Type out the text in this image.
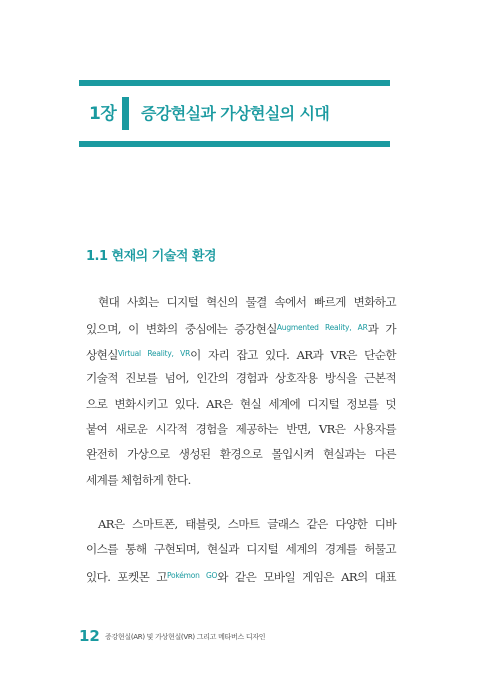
1장 증강현실과 가상현실의 시대
1.1 현재의 기술적 환경
현대 사회는 디지털 혁신의 물결 속에서 빠르게 변화하고
있으며, 이 변화의 중심에는 증강현실$^{Augmented Reality, AR}$과 가
상현실$^{Virtual Reality, VR}$이 자리 잡고 있다. AR과 VR은 단순한
기술적 진보를 넘어, 인간의 경험과 상호작용 방식을 근본적
으로 변화시키고 있다. AR은 현실 세계에 디지털 정보를 덧
붙여 새로운 시각적 경험을 제공하는 반면, VR은 사용자를
완전히 가상으로 생성된 환경으로 몰입시켜 현실과는 다른
세계를 체험하게 한다.
AR은 스마트폰, 태블릿, 스마트 글래스 같은 다양한 디바
이스를 통해 구현되며, 현실과 디지털 세계의 경계를 허물고
있다. 포켓몬 고$^{Pokémon GO}$와 같은 모바일 게임은 AR의 대표
12 증강현실(AR) 및 가상현실(VR) 그리고 메타버스 디자인
